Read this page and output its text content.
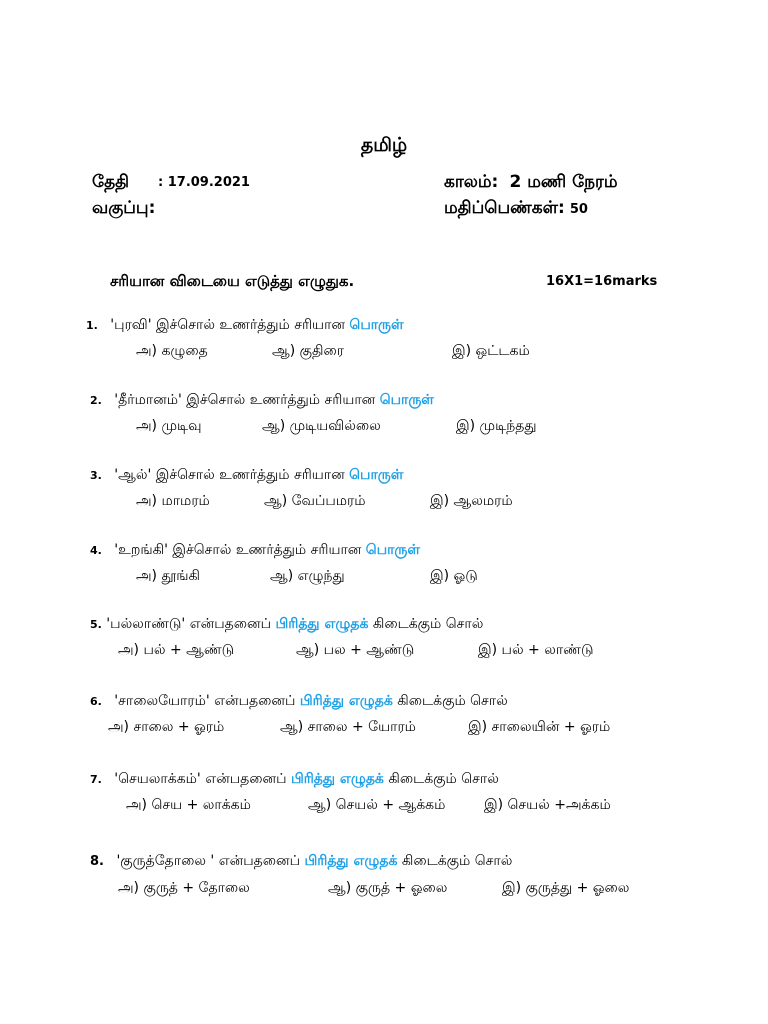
தமிழ்
தேதி : 17.09.2021
வகுப்பு:
காலம்: 2 மணி நேரம்
மதிப்பெண்கள்: 50
சரியான விடையை எடுத்து எழுதுக.	16X1=16marks
1. 'புரவி' இச்சொல் உணர்த்தும் சரியான பொருள்
அ) கழுதை	ஆ) குதிரை	இ) ஒட்டகம்
2. 'தீர்மானம்' இச்சொல் உணர்த்தும் சரியான பொருள்
அ) முடிவு	ஆ) முடியவில்லை	இ) முடிந்தது
3. 'ஆல்' இச்சொல் உணர்த்தும் சரியான பொருள்
அ) மாமரம்	ஆ) வேப்பமரம்	இ) ஆலமரம்
4. 'உறங்கி' இச்சொல் உணர்த்தும் சரியான பொருள்
அ) தூங்கி	ஆ) எழுந்து	இ) ஓடு
5. 'பல்லாண்டு' என்பதனைப் பிரித்து எழுதக் கிடைக்கும் சொல்
அ) பல் + ஆண்டு	ஆ) பல + ஆண்டு	இ) பல் + லாண்டு
6. 'சாலையோரம்' என்பதனைப் பிரித்து எழுதக் கிடைக்கும் சொல்
அ) சாலை + ஓரம்	ஆ) சாலை + யோரம்	இ) சாலையின் + ஓரம்
7. 'செயலாக்கம்' என்பதனைப் பிரித்து எழுதக் கிடைக்கும் சொல்
அ) செய + லாக்கம்	ஆ) செயல் + ஆக்கம்	இ) செயல் +அக்கம்
8. 'குருத்தோலை ' என்பதனைப் பிரித்து எழுதக் கிடைக்கும் சொல்
அ) குருத் + தோலை	ஆ) குருத் + ஓலை	இ) குருத்து + ஓலை
